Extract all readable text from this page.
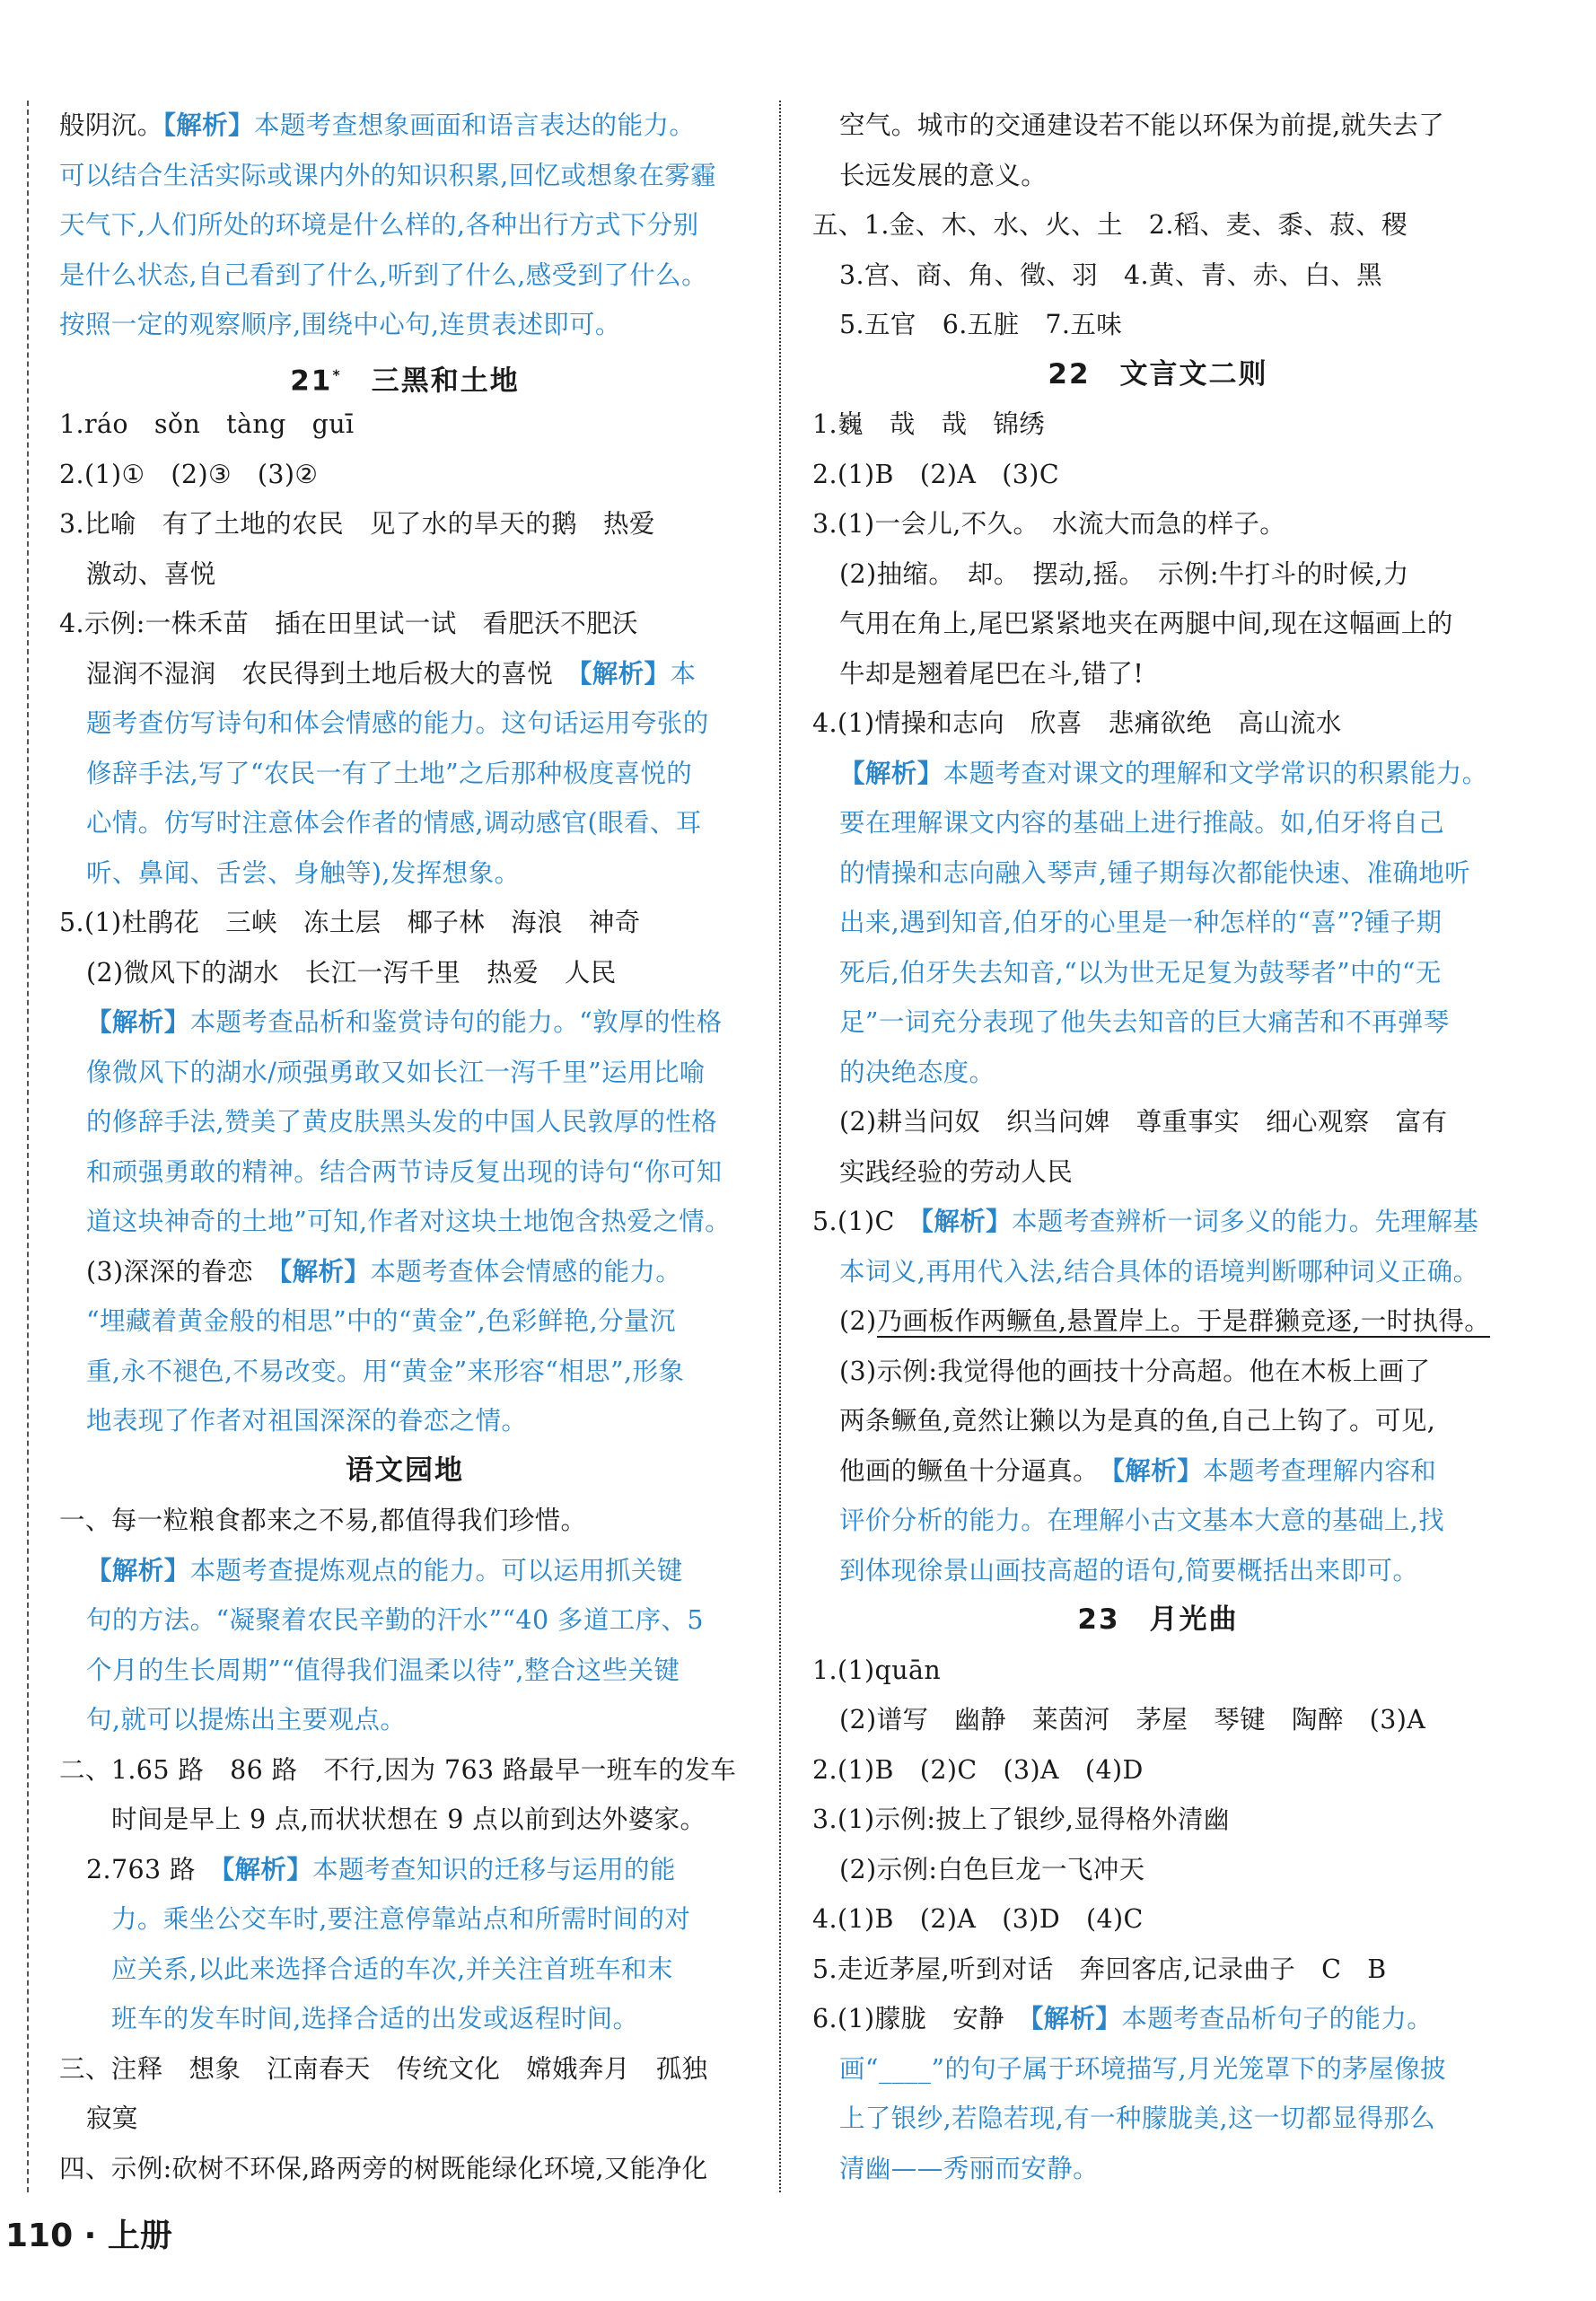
般阴沉。【解析】本题考查想象画面和语言表达的能力。
可以结合生活实际或课内外的知识积累,回忆或想象在雾霾
天气下,人们所处的环境是什么样的,各种出行方式下分别
是什么状态,自己看到了什么,听到了什么,感受到了什么。
按照一定的观察顺序,围绕中心句,连贯表述即可。
21*　三黑和土地
1.ráo　sǒn　tàng　guī
2.(1)①　(2)③　(3)②
3.比喻　有了土地的农民　见了水的旱天的鹅　热爱
激动、喜悦
4.示例:一株禾苗　插在田里试一试　看肥沃不肥沃
湿润不湿润　农民得到土地后极大的喜悦　【解析】本
题考查仿写诗句和体会情感的能力。这句话运用夸张的
修辞手法,写了“农民一有了土地”之后那种极度喜悦的
心情。仿写时注意体会作者的情感,调动感官(眼看、耳
听、鼻闻、舌尝、身触等),发挥想象。
5.(1)杜鹃花　三峡　冻土层　椰子林　海浪　神奇
(2)微风下的湖水　长江一泻千里　热爱　人民
【解析】本题考查品析和鉴赏诗句的能力。“敦厚的性格
像微风下的湖水/顽强勇敢又如长江一泻千里”运用比喻
的修辞手法,赞美了黄皮肤黑头发的中国人民敦厚的性格
和顽强勇敢的精神。结合两节诗反复出现的诗句“你可知
道这块神奇的土地”可知,作者对这块土地饱含热爱之情。
(3)深深的眷恋　【解析】本题考查体会情感的能力。
“埋藏着黄金般的相思”中的“黄金”,色彩鲜艳,分量沉
重,永不褪色,不易改变。用“黄金”来形容“相思”,形象
地表现了作者对祖国深深的眷恋之情。
语文园地
一、每一粒粮食都来之不易,都值得我们珍惜。
【解析】本题考查提炼观点的能力。可以运用抓关键
句的方法。“凝聚着农民辛勤的汗水”“40 多道工序、5
个月的生长周期”“值得我们温柔以待”,整合这些关键
句,就可以提炼出主要观点。
二、1.65 路　86 路　不行,因为 763 路最早一班车的发车
时间是早上 9 点,而状状想在 9 点以前到达外婆家。
2.763 路　【解析】本题考查知识的迁移与运用的能
力。乘坐公交车时,要注意停靠站点和所需时间的对
应关系,以此来选择合适的车次,并关注首班车和末
班车的发车时间,选择合适的出发或返程时间。
三、注释　想象　江南春天　传统文化　嫦娥奔月　孤独
寂寞
四、示例:砍树不环保,路两旁的树既能绿化环境,又能净化
空气。城市的交通建设若不能以环保为前提,就失去了
长远发展的意义。
五、1.金、木、水、火、土　2.稻、麦、黍、菽、稷
3.宫、商、角、徵、羽　4.黄、青、赤、白、黑
5.五官　6.五脏　7.五味
22　文言文二则
1.巍　哉　哉　锦绣
2.(1)B　(2)A　(3)C
3.(1)一会儿,不久。　水流大而急的样子。
(2)抽缩。　却。　摆动,摇。　示例:牛打斗的时候,力
气用在角上,尾巴紧紧地夹在两腿中间,现在这幅画上的
牛却是翘着尾巴在斗,错了!
4.(1)情操和志向　欣喜　悲痛欲绝　高山流水
【解析】本题考查对课文的理解和文学常识的积累能力。
要在理解课文内容的基础上进行推敲。如,伯牙将自己
的情操和志向融入琴声,锺子期每次都能快速、准确地听
出来,遇到知音,伯牙的心里是一种怎样的“喜”?锺子期
死后,伯牙失去知音,“以为世无足复为鼓琴者”中的“无
足”一词充分表现了他失去知音的巨大痛苦和不再弹琴
的决绝态度。
(2)耕当问奴　织当问婢　尊重事实　细心观察　富有
实践经验的劳动人民
5.(1)C　【解析】本题考查辨析一词多义的能力。先理解基
本词义,再用代入法,结合具体的语境判断哪种词义正确。
(2)乃画板作两鳜鱼,悬置岸上。于是群獭竞逐,一时执得。
(3)示例:我觉得他的画技十分高超。他在木板上画了
两条鳜鱼,竟然让獭以为是真的鱼,自己上钩了。可见,
他画的鳜鱼十分逼真。　【解析】本题考查理解内容和
评价分析的能力。在理解小古文基本大意的基础上,找
到体现徐景山画技高超的语句,简要概括出来即可。
23　月光曲
1.(1)quān
(2)谱写　幽静　莱茵河　茅屋　琴键　陶醉　(3)A
2.(1)B　(2)C　(3)A　(4)D
3.(1)示例:披上了银纱,显得格外清幽
(2)示例:白色巨龙一飞冲天
4.(1)B　(2)A　(3)D　(4)C
5.走近茅屋,听到对话　奔回客店,记录曲子　C　B
6.(1)朦胧　安静　【解析】本题考查品析句子的能力。
画“____”的句子属于环境描写,月光笼罩下的茅屋像披
上了银纱,若隐若现,有一种朦胧美,这一切都显得那么
清幽——秀丽而安静。
110 · 上册
